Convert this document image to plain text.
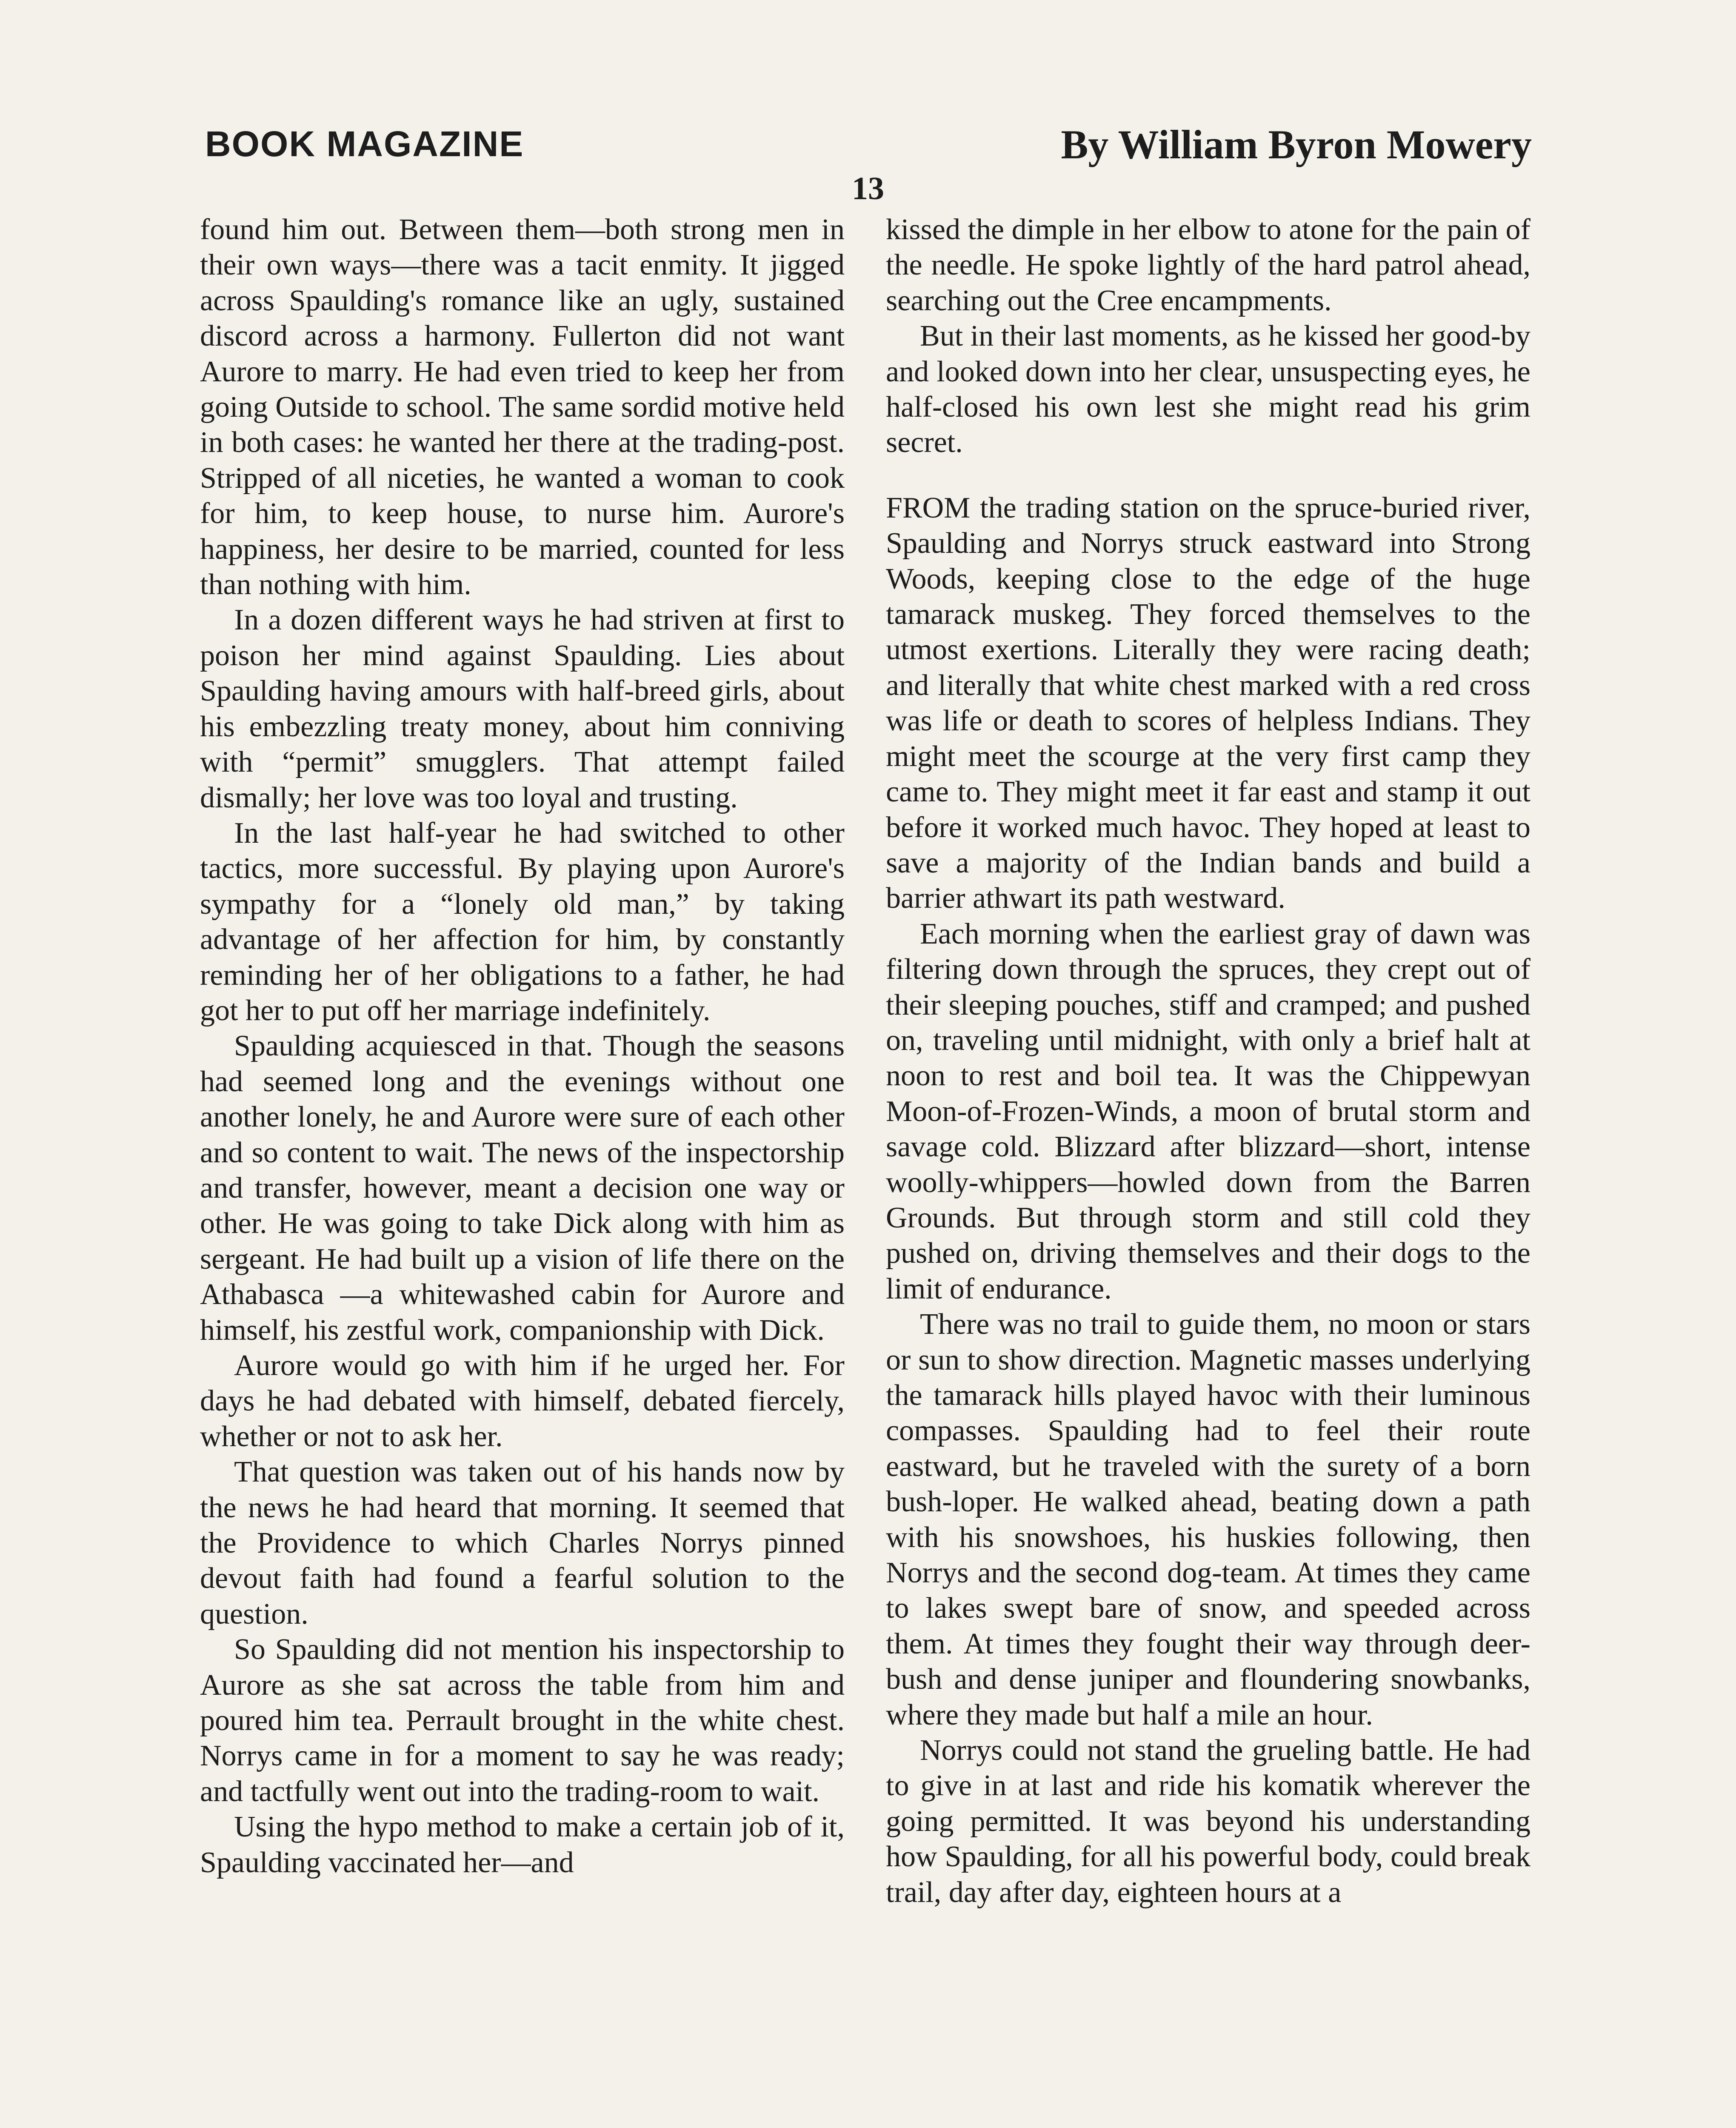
BOOK MAGAZINE	By William Byron Mowery
13

found him out. Between them—both strong men in their own ways—there was a tacit enmity. It jigged across Spaulding's romance like an ugly, sustained discord across a harmony. Fullerton did not want Aurore to marry. He had even tried to keep her from going Outside to school. The same sordid motive held in both cases: he wanted her there at the trading-post. Stripped of all niceties, he wanted a woman to cook for him, to keep house, to nurse him. Aurore's happiness, her desire to be married, counted for less than nothing with him.

In a dozen different ways he had striven at first to poison her mind against Spaulding. Lies about Spaulding having amours with half-breed girls, about his embezzling treaty money, about him conniving with “permit” smugglers. That attempt failed dismally; her love was too loyal and trusting.

In the last half-year he had switched to other tactics, more successful. By playing upon Aurore's sympathy for a “lonely old man,” by taking advantage of her affection for him, by constantly reminding her of her obligations to a father, he had got her to put off her marriage indefinitely.

Spaulding acquiesced in that. Though the seasons had seemed long and the evenings without one another lonely, he and Aurore were sure of each other and so content to wait. The news of the inspectorship and transfer, however, meant a decision one way or other. He was going to take Dick along with him as sergeant. He had built up a vision of life there on the Athabasca —a whitewashed cabin for Aurore and himself, his zestful work, companionship with Dick.

Aurore would go with him if he urged her. For days he had debated with himself, debated fiercely, whether or not to ask her.

That question was taken out of his hands now by the news he had heard that morning. It seemed that the Providence to which Charles Norrys pinned devout faith had found a fearful solution to the question.

So Spaulding did not mention his inspectorship to Aurore as she sat across the table from him and poured him tea. Perrault brought in the white chest. Norrys came in for a moment to say he was ready; and tactfully went out into the trading-room to wait.

Using the hypo method to make a certain job of it, Spaulding vaccinated her—and

kissed the dimple in her elbow to atone for the pain of the needle. He spoke lightly of the hard patrol ahead, searching out the Cree encampments.

But in their last moments, as he kissed her good-by and looked down into her clear, unsuspecting eyes, he half-closed his own lest she might read his grim secret.

FROM the trading station on the spruce-buried river, Spaulding and Norrys struck eastward into Strong Woods, keeping close to the edge of the huge tamarack muskeg. They forced themselves to the utmost exertions. Literally they were racing death; and literally that white chest marked with a red cross was life or death to scores of helpless Indians. They might meet the scourge at the very first camp they came to. They might meet it far east and stamp it out before it worked much havoc. They hoped at least to save a majority of the Indian bands and build a barrier athwart its path westward.

Each morning when the earliest gray of dawn was filtering down through the spruces, they crept out of their sleeping pouches, stiff and cramped; and pushed on, traveling until midnight, with only a brief halt at noon to rest and boil tea. It was the Chippewyan Moon-of-Frozen-Winds, a moon of brutal storm and savage cold. Blizzard after blizzard—short, intense woolly-whippers—howled down from the Barren Grounds. But through storm and still cold they pushed on, driving themselves and their dogs to the limit of endurance.

There was no trail to guide them, no moon or stars or sun to show direction. Magnetic masses underlying the tamarack hills played havoc with their luminous compasses. Spaulding had to feel their route eastward, but he traveled with the surety of a born bush-loper. He walked ahead, beating down a path with his snowshoes, his huskies following, then Norrys and the second dog-team. At times they came to lakes swept bare of snow, and speeded across them. At times they fought their way through deer-bush and dense juniper and floundering snowbanks, where they made but half a mile an hour.

Norrys could not stand the grueling battle. He had to give in at last and ride his komatik wherever the going permitted. It was beyond his understanding how Spaulding, for all his powerful body, could break trail, day after day, eighteen hours at a
